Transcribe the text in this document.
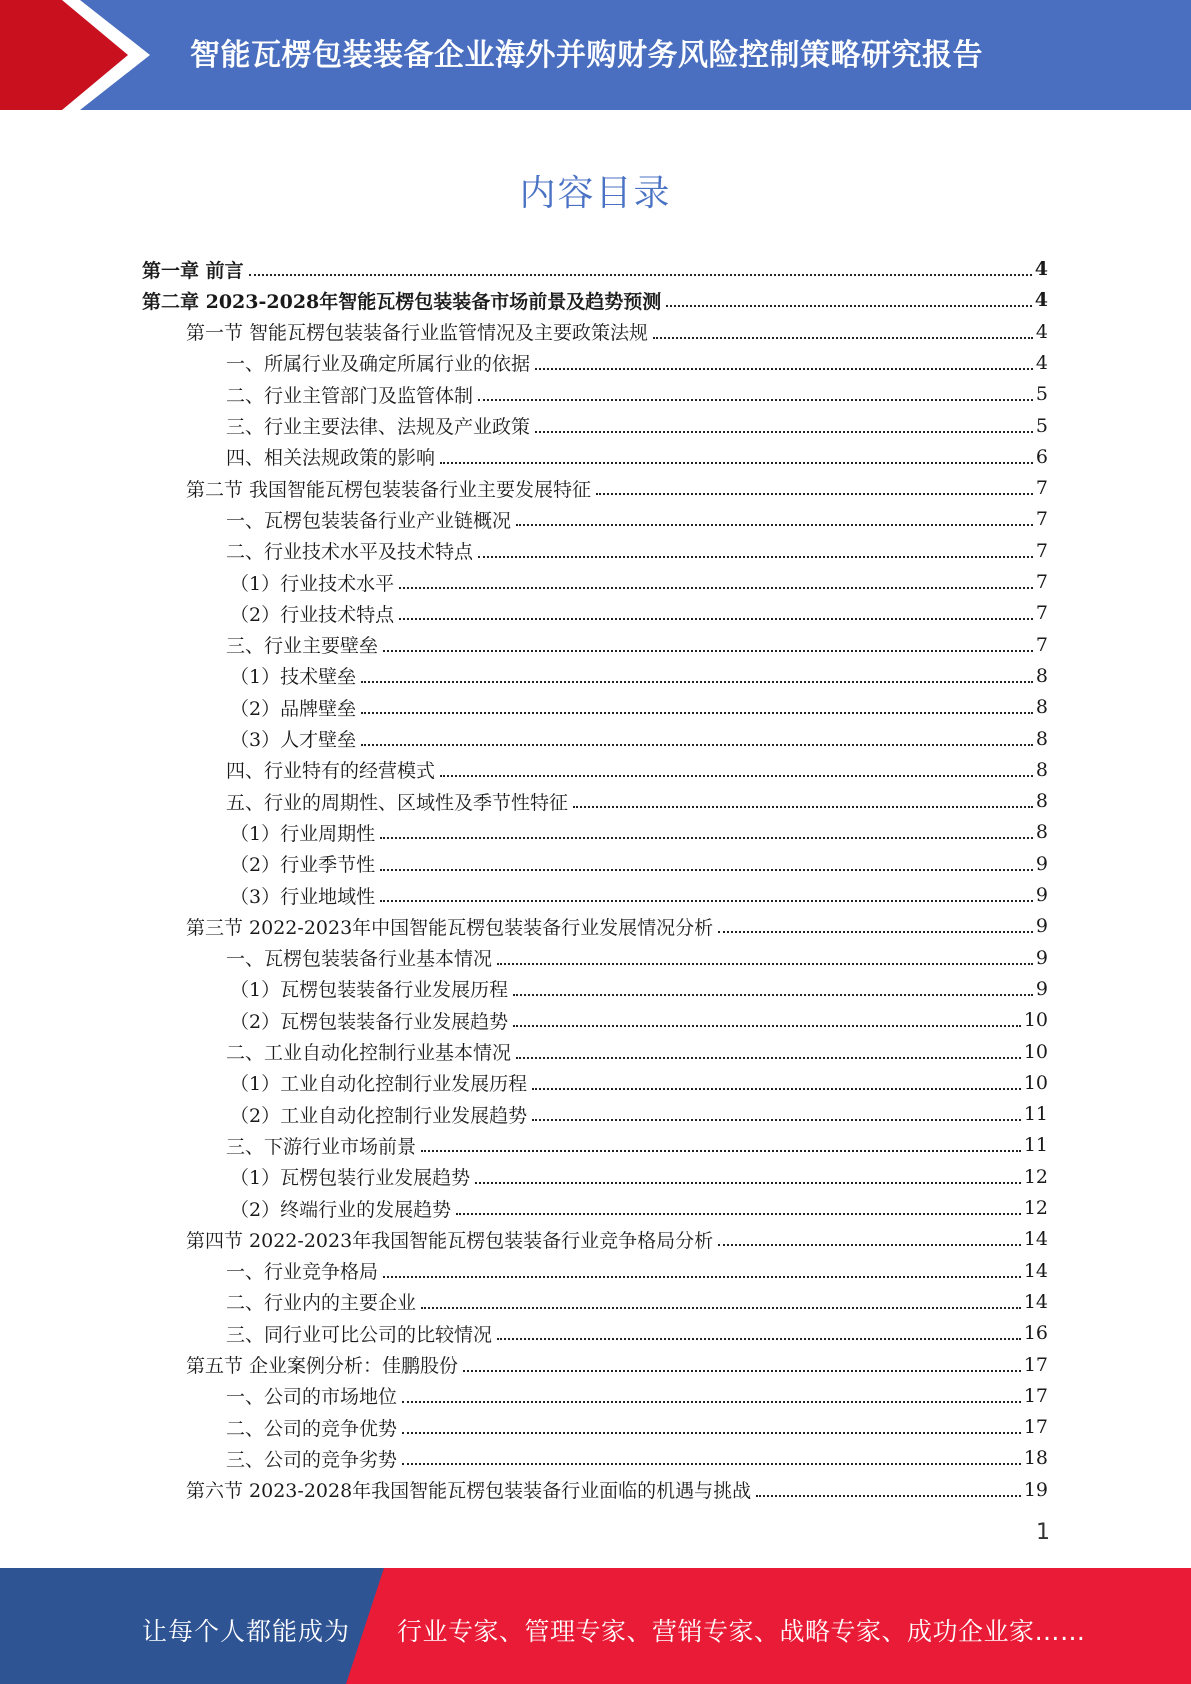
智能瓦楞包装装备企业海外并购财务风险控制策略研究报告
内容目录
第一章 前言	4
第二章 2023-2028年智能瓦楞包装装备市场前景及趋势预测	4
第一节 智能瓦楞包装装备行业监管情况及主要政策法规	4
一、所属行业及确定所属行业的依据	4
二、行业主管部门及监管体制	5
三、行业主要法律、法规及产业政策	5
四、相关法规政策的影响	6
第二节 我国智能瓦楞包装装备行业主要发展特征	7
一、瓦楞包装装备行业产业链概况	7
二、行业技术水平及技术特点	7
（1）行业技术水平	7
（2）行业技术特点	7
三、行业主要壁垒	7
（1）技术壁垒	8
（2）品牌壁垒	8
（3）人才壁垒	8
四、行业特有的经营模式	8
五、行业的周期性、区域性及季节性特征	8
（1）行业周期性	8
（2）行业季节性	9
（3）行业地域性	9
第三节 2022-2023年中国智能瓦楞包装装备行业发展情况分析	9
一、瓦楞包装装备行业基本情况	9
（1）瓦楞包装装备行业发展历程	9
（2）瓦楞包装装备行业发展趋势	10
二、工业自动化控制行业基本情况	10
（1）工业自动化控制行业发展历程	10
（2）工业自动化控制行业发展趋势	11
三、下游行业市场前景	11
（1）瓦楞包装行业发展趋势	12
（2）终端行业的发展趋势	12
第四节 2022-2023年我国智能瓦楞包装装备行业竞争格局分析	14
一、行业竞争格局	14
二、行业内的主要企业	14
三、同行业可比公司的比较情况	16
第五节 企业案例分析：佳鹏股份	17
一、公司的市场地位	17
二、公司的竞争优势	17
三、公司的竞争劣势	18
第六节 2023-2028年我国智能瓦楞包装装备行业面临的机遇与挑战	19
1
让每个人都能成为 行业专家、管理专家、营销专家、战略专家、成功企业家……
